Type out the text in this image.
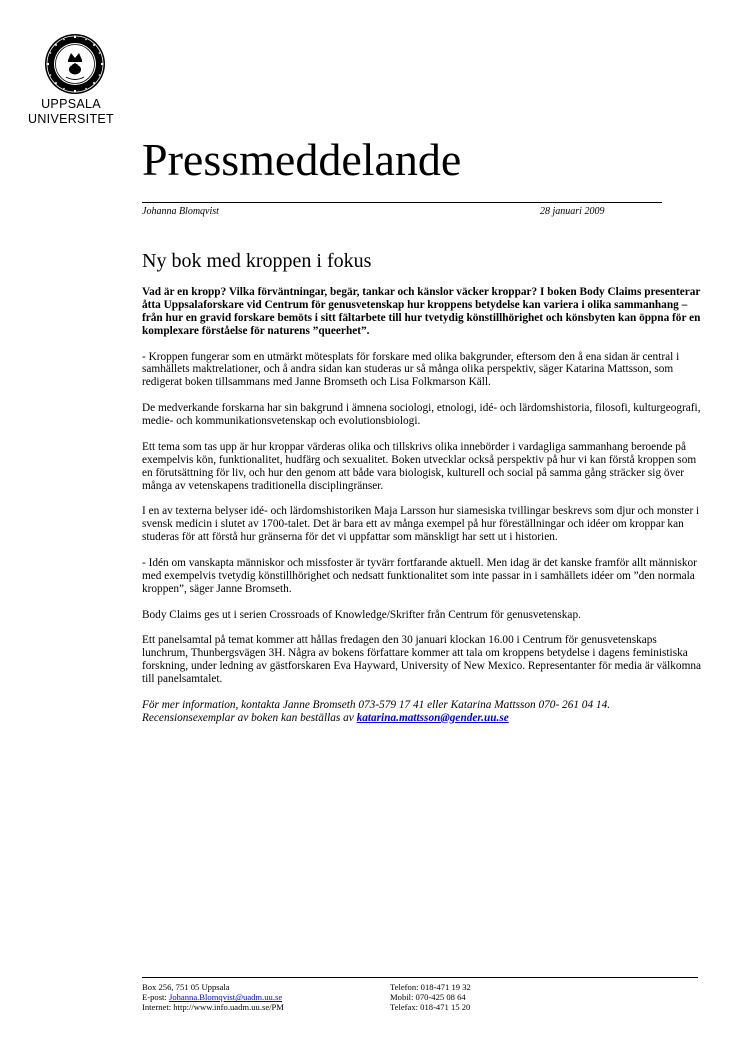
UPPSALA
UNIVERSITET
Pressmeddelande
Johanna Blomqvist	28 januari 2009
Ny bok med kroppen i fokus

Vad är en kropp? Vilka förväntningar, begär, tankar och känslor väcker kroppar? I boken Body Claims presenterar åtta Uppsalaforskare vid Centrum för genusvetenskap hur kroppens betydelse kan variera i olika sammanhang – från hur en gravid forskare bemöts i sitt fältarbete till hur tvetydig könstillhörighet och könsbyten kan öppna för en komplexare förståelse för naturens ”queerhet”.

- Kroppen fungerar som en utmärkt mötesplats för forskare med olika bakgrunder, eftersom den å ena sidan är central i samhällets maktrelationer, och å andra sidan kan studeras ur så många olika perspektiv, säger Katarina Mattsson, som redigerat boken tillsammans med Janne Bromseth och Lisa Folkmarson Käll.

De medverkande forskarna har sin bakgrund i ämnena sociologi, etnologi, idé- och lärdomshistoria, filosofi, kulturgeografi, medie- och kommunikationsvetenskap och evolutionsbiologi.

Ett tema som tas upp är hur kroppar värderas olika och tillskrivs olika innebörder i vardagliga sammanhang beroende på exempelvis kön, funktionalitet, hudfärg och sexualitet. Boken utvecklar också perspektiv på hur vi kan förstå kroppen som en förutsättning för liv, och hur den genom att både vara biologisk, kulturell och social på samma gång sträcker sig över många av vetenskapens traditionella disciplingränser.

I en av texterna belyser idé- och lärdomshistoriken Maja Larsson hur siamesiska tvillingar beskrevs som djur och monster i svensk medicin i slutet av 1700-talet. Det är bara ett av många exempel på hur föreställningar och idéer om kroppar kan studeras för att förstå hur gränserna för det vi uppfattar som mänskligt har sett ut i historien.

- Idén om vanskapta människor och missfoster är tyvärr fortfarande aktuell. Men idag är det kanske framför allt människor med exempelvis tvetydig könstillhörighet och nedsatt funktionalitet som inte passar in i samhällets idéer om ”den normala kroppen”, säger Janne Bromseth.

Body Claims ges ut i serien Crossroads of Knowledge/Skrifter från Centrum för genusvetenskap.

Ett panelsamtal på temat kommer att hållas fredagen den 30 januari klockan 16.00 i Centrum för genusvetenskaps lunchrum, Thunbergsvägen 3H. Några av bokens författare kommer att tala om kroppens betydelse i dagens feministiska forskning, under ledning av gästforskaren Eva Hayward, University of New Mexico. Representanter för media är välkomna till panelsamtalet.

För mer information, kontakta Janne Bromseth 073-579 17 41 eller Katarina Mattsson 070- 261 04 14.
Recensionsexemplar av boken kan beställas av katarina.mattsson@gender.uu.se

Box 256, 751 05 Uppsala
E-post: Johanna.Blomqvist@uadm.uu.se
Internet: http://www.info.uadm.uu.se/PM
Telefon: 018-471 19 32
Mobil: 070-425 08 64
Telefax: 018-471 15 20
